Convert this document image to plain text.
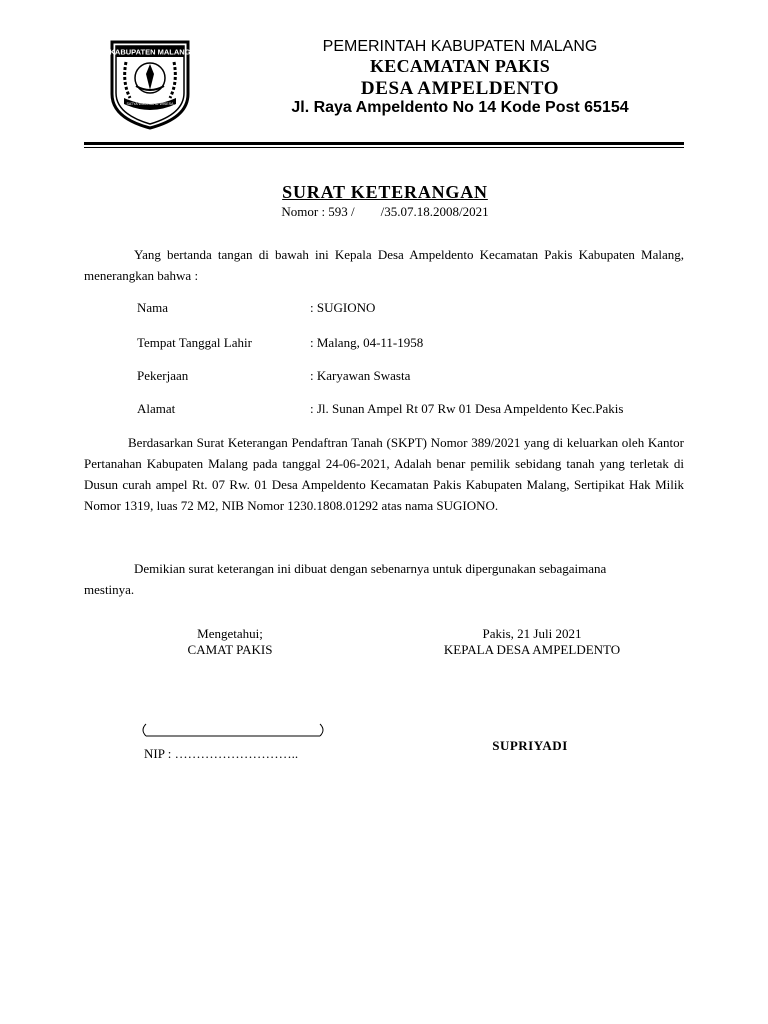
KABUPATEN MALANG
SATYA WIKA BAHU WISESA
PEMERINTAH KABUPATEN MALANG
KECAMATAN PAKIS
DESA AMPELDENTO
Jl. Raya Ampeldento No 14 Kode Post 65154
SURAT KETERANGAN
Nomor : 593 /        /35.07.18.2008/2021
Yang bertanda tangan di bawah ini Kepala Desa Ampeldento Kecamatan Pakis Kabupaten Malang, menerangkan bahwa :
Nama	: SUGIONO
Tempat Tanggal Lahir	: Malang, 04-11-1958
Pekerjaan	: Karyawan Swasta
Alamat	: Jl. Sunan Ampel Rt 07 Rw 01 Desa Ampeldento Kec.Pakis
Berdasarkan Surat Keterangan Pendaftran Tanah (SKPT) Nomor 389/2021 yang di keluarkan oleh Kantor Pertanahan Kabupaten Malang pada tanggal 24-06-2021, Adalah benar pemilik sebidang tanah yang terletak di Dusun curah ampel Rt. 07 Rw. 01 Desa Ampeldento Kecamatan Pakis Kabupaten Malang, Sertipikat Hak Milik Nomor 1319, luas 72 M2, NIB Nomor 1230.1808.01292 atas nama SUGIONO.
Demikian surat keterangan ini dibuat dengan sebenarnya untuk dipergunakan sebagaimana mestinya.
Mengetahui;
CAMAT PAKIS
Pakis, 21 Juli 2021
KEPALA DESA AMPELDENTO
NIP : ………………………..
SUPRIYADI
